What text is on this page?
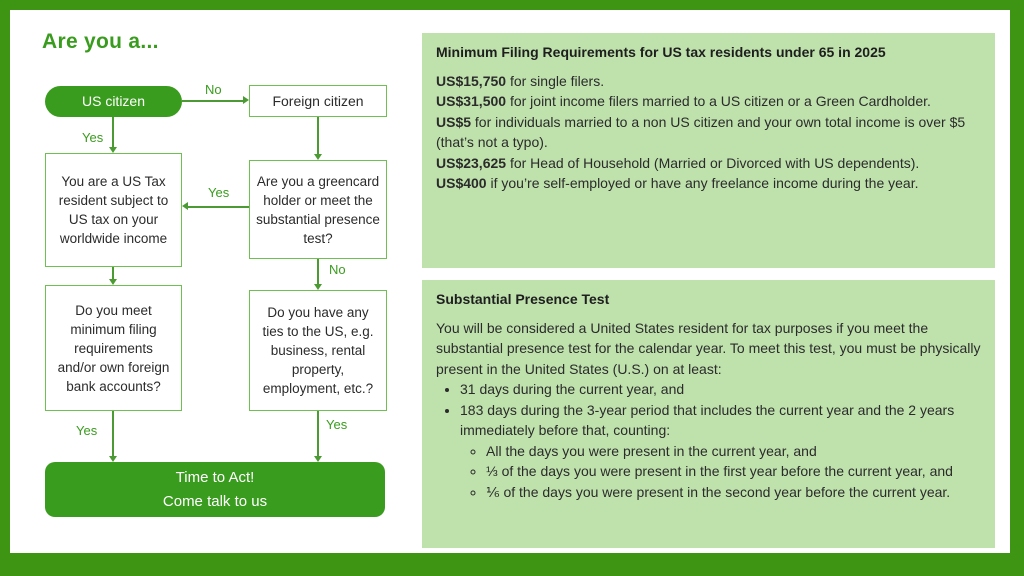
Are you a...
US citizen	Foreign citizen
You are a US Tax resident subject to US tax on your worldwide income
Are you a greencard holder or meet the substantial presence test?
Do you meet minimum filing requirements and/or own foreign bank accounts?
Do you have any ties to the US, e.g. business, rental property, employment, etc.?
Time to Act!
Come talk to us
No
Yes
Yes
No
Yes	Yes
Minimum Filing Requirements for US tax residents under 65 in 2025
US$15,750 for single filers.
US$31,500 for joint income filers married to a US citizen or a Green Cardholder.
US$5 for individuals married to a non US citizen and your own total income is over $5 (that’s not a typo).
US$23,625 for Head of Household (Married or Divorced with US dependents).
US$400 if you’re self-employed or have any freelance income during the year.
Substantial Presence Test
You will be considered a United States resident for tax purposes if you meet the substantial presence test for the calendar year. To meet this test, you must be physically present in the United States (U.S.) on at least:
• 31 days during the current year, and
• 183 days during the 3-year period that includes the current year and the 2 years immediately before that, counting:
◦ All the days you were present in the current year, and
◦ ⅓ of the days you were present in the first year before the current year, and
◦ ⅙ of the days you were present in the second year before the current year.
